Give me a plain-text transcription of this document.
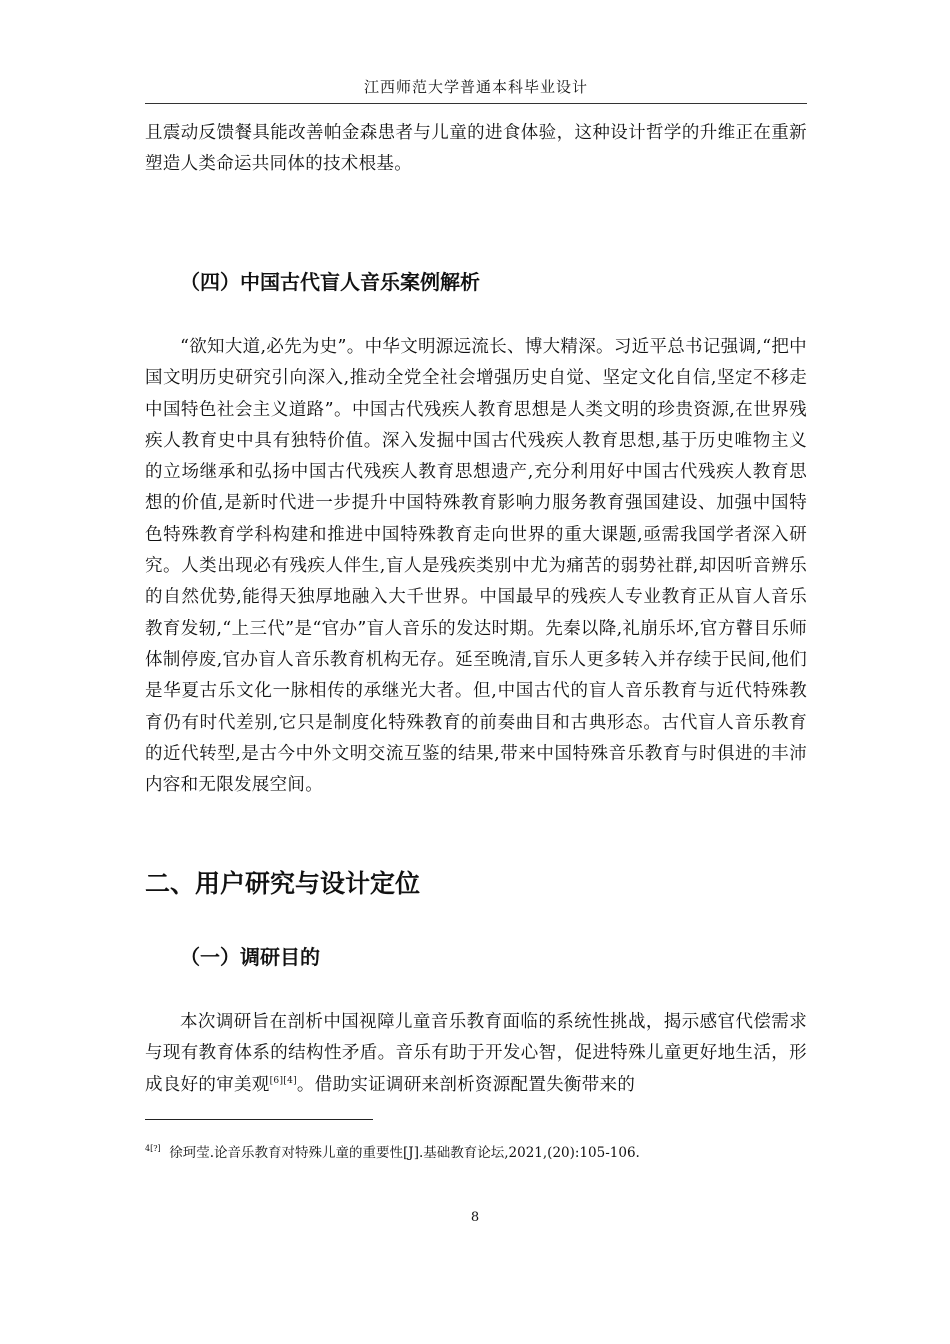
江西师范大学普通本科毕业设计

且震动反馈餐具能改善帕金森患者与儿童的进食体验，这种设计哲学的升维正在重新塑造人类命运共同体的技术根基。

（四）中国古代盲人音乐案例解析

“欲知大道,必先为史”。中华文明源远流长、博大精深。习近平总书记强调,“把中国文明历史研究引向深入,推动全党全社会增强历史自觉、坚定文化自信,坚定不移走中国特色社会主义道路”。中国古代残疾人教育思想是人类文明的珍贵资源,在世界残疾人教育史中具有独特价值。深入发掘中国古代残疾人教育思想,基于历史唯物主义的立场继承和弘扬中国古代残疾人教育思想遗产,充分利用好中国古代残疾人教育思想的价值,是新时代进一步提升中国特殊教育影响力服务教育强国建设、加强中国特色特殊教育学科构建和推进中国特殊教育走向世界的重大课题,亟需我国学者深入研究。人类出现必有残疾人伴生,盲人是残疾类别中尤为痛苦的弱势社群,却因听音辨乐的自然优势,能得天独厚地融入大千世界。中国最早的残疾人专业教育正从盲人音乐教育发轫,“上三代”是“官办”盲人音乐的发达时期。先秦以降,礼崩乐坏,官方瞽目乐师体制停废,官办盲人音乐教育机构无存。延至晚清,盲乐人更多转入并存续于民间,他们是华夏古乐文化一脉相传的承继光大者。但,中国古代的盲人音乐教育与近代特殊教育仍有时代差别,它只是制度化特殊教育的前奏曲目和古典形态。古代盲人音乐教育的近代转型,是古今中外文明交流互鉴的结果,带来中国特殊音乐教育与时俱进的丰沛内容和无限发展空间。

二、用户研究与设计定位
（一）调研目的

本次调研旨在剖析中国视障儿童音乐教育面临的系统性挑战，揭示感官代偿需求与现有教育体系的结构性矛盾。音乐有助于开发心智，促进特殊儿童更好地生活，形成良好的审美观[6][4]。借助实证调研来剖析资源配置失衡带来的

$^{4[?]}$ 徐珂莹.论音乐教育对特殊儿童的重要性[J].基础教育论坛,2021,(20):105-106.

8
